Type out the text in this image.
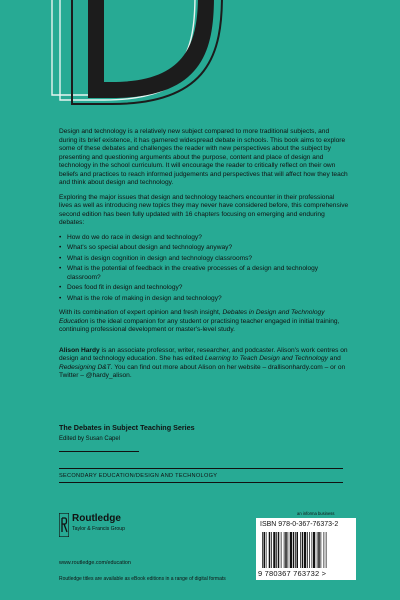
Design and technology is a relatively new subject compared to more traditional subjects, and during its brief existence, it has garnered widespread debate in schools. This book aims to explore some of these debates and challenges the reader with new perspectives about the subject by presenting and questioning arguments about the purpose, content and place of design and technology in the school curriculum. It will encourage the reader to critically reflect on their own beliefs and practices to reach informed judgements and perspectives that will affect how they teach and think about design and technology.

Exploring the major issues that design and technology teachers encounter in their professional lives as well as introducing new topics they may never have considered before, this comprehensive second edition has been fully updated with 16 chapters focusing on emerging and enduring debates:

• How do we do race in design and technology?
• What's so special about design and technology anyway?
• What is design cognition in design and technology classrooms?
• What is the potential of feedback in the creative processes of a design and technology classroom?
• Does food fit in design and technology?
• What is the role of making in design and technology?

With its combination of expert opinion and fresh insight, Debates in Design and Technology Education is the ideal companion for any student or practising teacher engaged in initial training, continuing professional development or master's-level study.

Alison Hardy is an associate professor, writer, researcher, and podcaster. Alison's work centres on design and technology education. She has edited Learning to Teach Design and Technology and Redesigning D&T. You can find out more about Alison on her website – drallisonhardy.com – or on Twitter – @hardy_alison.

The Debates in Subject Teaching Series
Edited by Susan Capel
SECONDARY EDUCATION/DESIGN AND TECHNOLOGY
Routledge
Taylor & Francis Group
www.routledge.com/education
Routledge titles are available as eBook editions in a range of digital formats
an informa business
ISBN 978-0-367-76373-2
9 780367 763732 >
